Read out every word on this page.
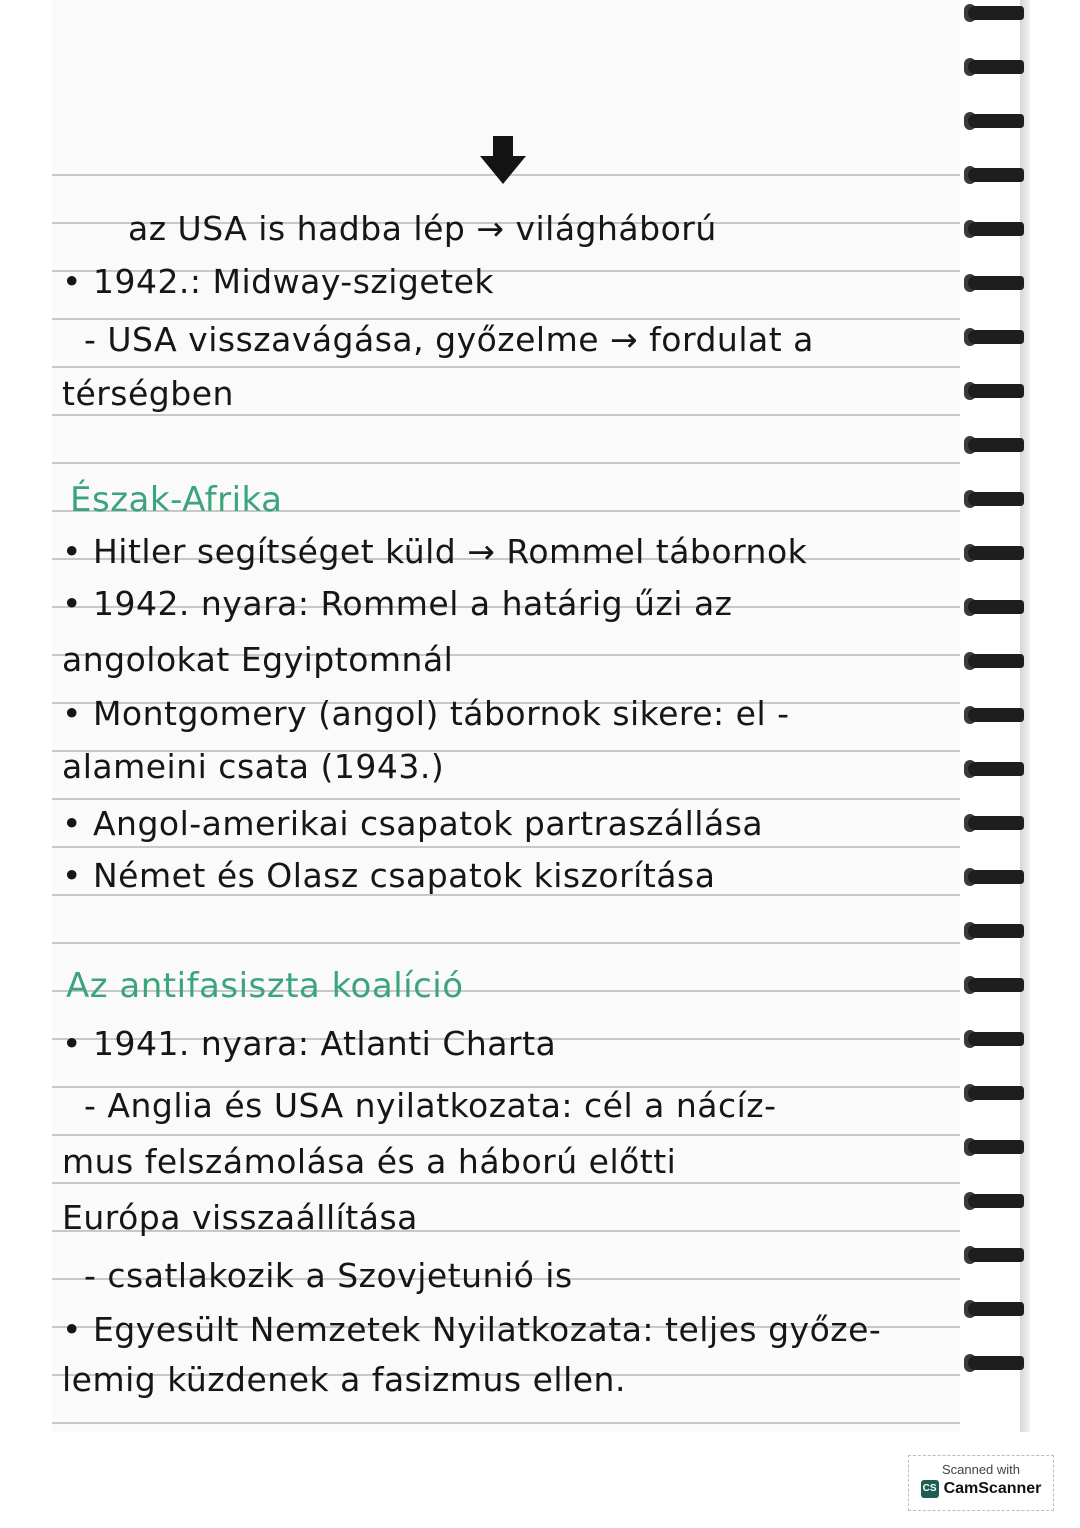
az USA is hadba lép → világháború
• 1942.: Midway-szigetek
- USA visszavágása, győzelme → fordulat a
térségben
Észak-Afrika
• Hitler segítséget küld → Rommel tábornok
• 1942. nyara: Rommel a határig űzi az
angolokat Egyiptomnál
• Montgomery (angol) tábornok sikere: el -
alameini csata (1943.)
• Angol-amerikai csapatok partraszállása
• Német és Olasz csapatok kiszorítása
Az antifasiszta koalíció
• 1941. nyara: Atlanti Charta
- Anglia és USA nyilatkozata: cél a nácíz-
mus felszámolása és a háború előtti
Európa visszaállítása
- csatlakozik a Szovjetunió is
• Egyesült Nemzetek Nyilatkozata: teljes győze-
lemig küzdenek a fasizmus ellen.
Scanned with
CS CamScanner
